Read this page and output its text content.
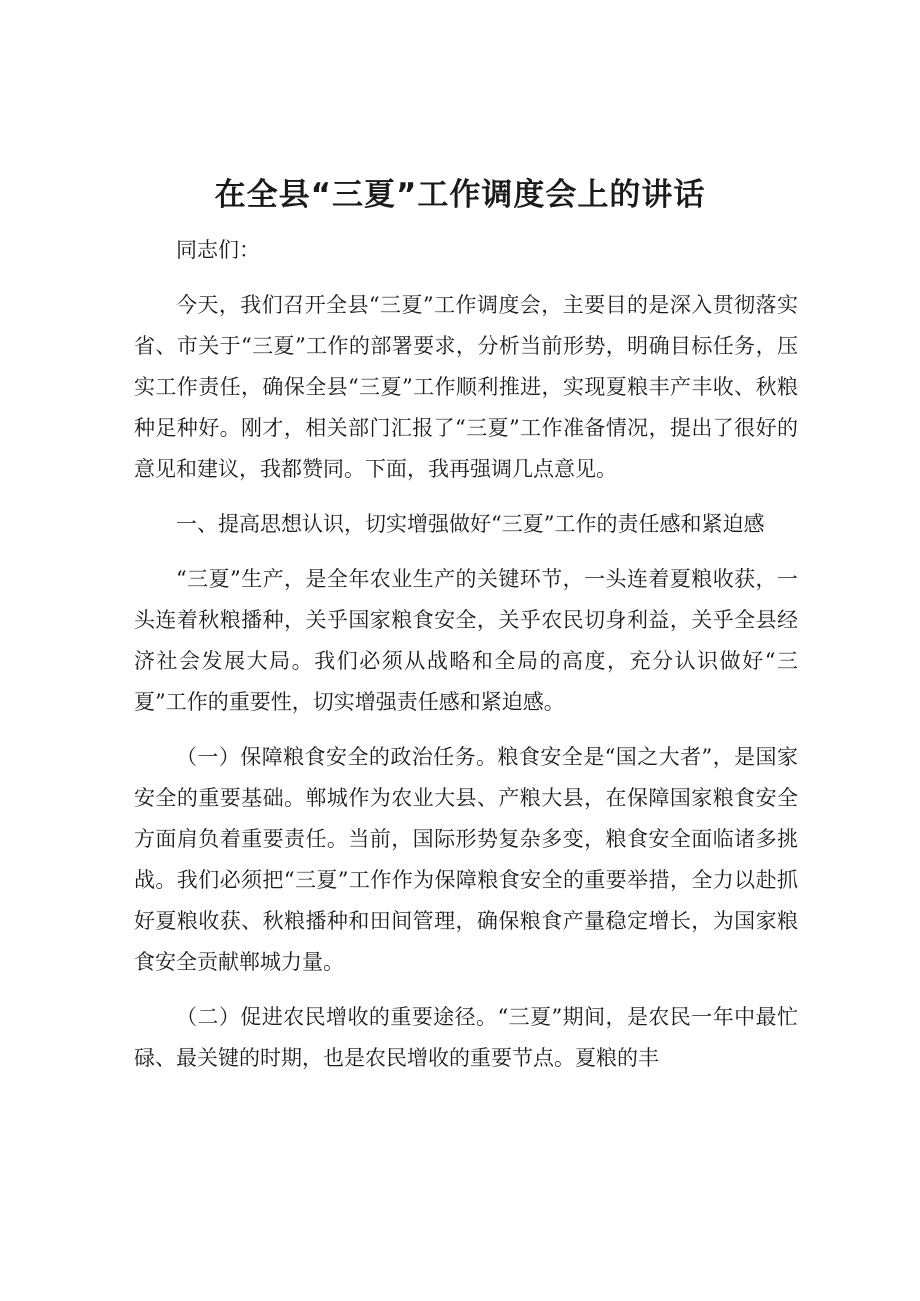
在全县“三夏”工作调度会上的讲话

同志们：

今天，我们召开全县“三夏”工作调度会，主要目的是深入贯彻落实省、市关于“三夏”工作的部署要求，分析当前形势，明确目标任务，压实工作责任，确保全县“三夏”工作顺利推进，实现夏粮丰产丰收、秋粮种足种好。刚才，相关部门汇报了“三夏”工作准备情况，提出了很好的意见和建议，我都赞同。下面，我再强调几点意见。

一、提高思想认识，切实增强做好“三夏”工作的责任感和紧迫感

“三夏”生产，是全年农业生产的关键环节，一头连着夏粮收获，一头连着秋粮播种，关乎国家粮食安全，关乎农民切身利益，关乎全县经济社会发展大局。我们必须从战略和全局的高度，充分认识做好“三夏”工作的重要性，切实增强责任感和紧迫感。

（一）保障粮食安全的政治任务。粮食安全是“国之大者”，是国家安全的重要基础。郸城作为农业大县、产粮大县，在保障国家粮食安全方面肩负着重要责任。当前，国际形势复杂多变，粮食安全面临诸多挑战。我们必须把“三夏”工作作为保障粮食安全的重要举措，全力以赴抓好夏粮收获、秋粮播种和田间管理，确保粮食产量稳定增长，为国家粮食安全贡献郸城力量。

（二）促进农民增收的重要途径。“三夏”期间，是农民一年中最忙碌、最关键的时期，也是农民增收的重要节点。夏粮的丰
